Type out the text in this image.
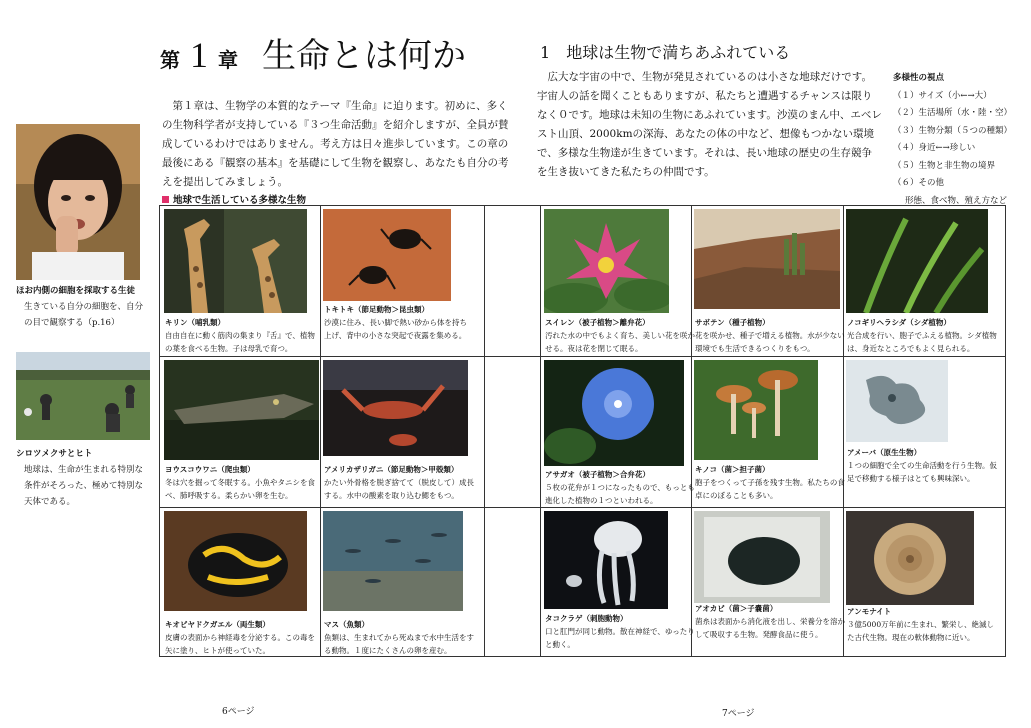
第 1 章 生命とは何か	1 地球は生物で満ちあふれている
第１章は、生物学の本質的なテーマ『生命』に迫ります。初めに、多くの生物科学者が支持している『３つ生命活動』を紹介しますが、全員が賛成しているわけではありません。考え方は日々進歩しています。この章の最後にある『観察の基本』を基礎にして生物を観察し、あなたも自分の考えを提出してみましょう。
広大な宇宙の中で、生物が発見されているのは小さな地球だけです。宇宙人の話を聞くこともありますが、私たちと遭遇するチャンスは限りなく０です。地球は未知の生物にあふれています。沙漠のまん中、エベレスト山頂、2000kmの深海、あなたの体の中など、想像もつかない環境で、多様な生物達が生きています。それは、長い地球の歴史の生存競争を生き抜いてきた私たちの仲間です。
多様性の視点
（１）サイズ（小←→大）
（２）生活場所（水・陸・空）
（３）生物分類（５つの種類）
（４）身近←→珍しい
（５）生物と非生物の境界
（６）その他
形態、食べ物、殖え方など
ほお内側の細胞を採取する生徒
生きている自分の細胞を、自分の目で観察する（p.16）
シロツメクサとヒト
地球は、生命が生まれる特別な条件がそろった、極めて特別な天体である。
地球で生活している多様な生物
キリン（哺乳類）
自由自在に動く筋肉の集まり『舌』で、植物の葉を食べる生物。子は母乳で育つ。
トキトキ（節足動物＞昆虫類）
沙漠に住み、長い脚で熱い砂から体を持ち上げ、背中の小さな突起で夜露を集める。
スイレン（被子植物＞離弁花）
汚れた水の中でもよく育ち、美しい花を咲かせる。夜は花を閉じて眠る。
サボテン（種子植物）
花を咲かせ、種子で増える植物。水が少ない環境でも生活できるつくりをもつ。
ノコギリヘラシダ（シダ植物）
光合成を行い、胞子でふえる植物。シダ植物は、身近なところでもよく見られる。
ヨウスコウワニ（爬虫類）
冬は穴を掘って冬眠する。小魚やタニシを食べ、肺呼吸する。柔らかい卵を生む。
アメリカザリガニ（節足動物＞甲殻類）
かたい外骨格を脱ぎ捨てて（脱皮して）成長する。水中の酸素を取り込む鰓をもつ。
アサガオ（被子植物＞合弁花）
５枚の花弁が１つになったもので、もっとも進化した植物の１つといわれる。
キノコ（菌＞担子菌）
胞子をつくって子孫を残す生物。私たちの食卓にのぼることも多い。
アメーバ（原生生物）
１つの細胞で全ての生命活動を行う生物。仮足で移動する様子はとても興味深い。
キオビヤドクガエル（両生類）
皮膚の表面から神経毒を分泌する。この毒を矢に塗り、ヒトが使っていた。
マス（魚類）
魚類は、生まれてから死ぬまで水中生活をする動物。１度にたくさんの卵を産む。
タコクラゲ（刺胞動物）
口と肛門が同じ動物。散在神経で、ゆったりと動く。
アオカビ（菌＞子嚢菌）
菌糸は表面から消化液を出し、栄養分を溶かして吸収する生物。発酵食品に使う。
アンモナイト
３億5000万年前に生まれ、繁栄し、絶滅した古代生物。現在の軟体動物に近い。
6ページ	7ページ
